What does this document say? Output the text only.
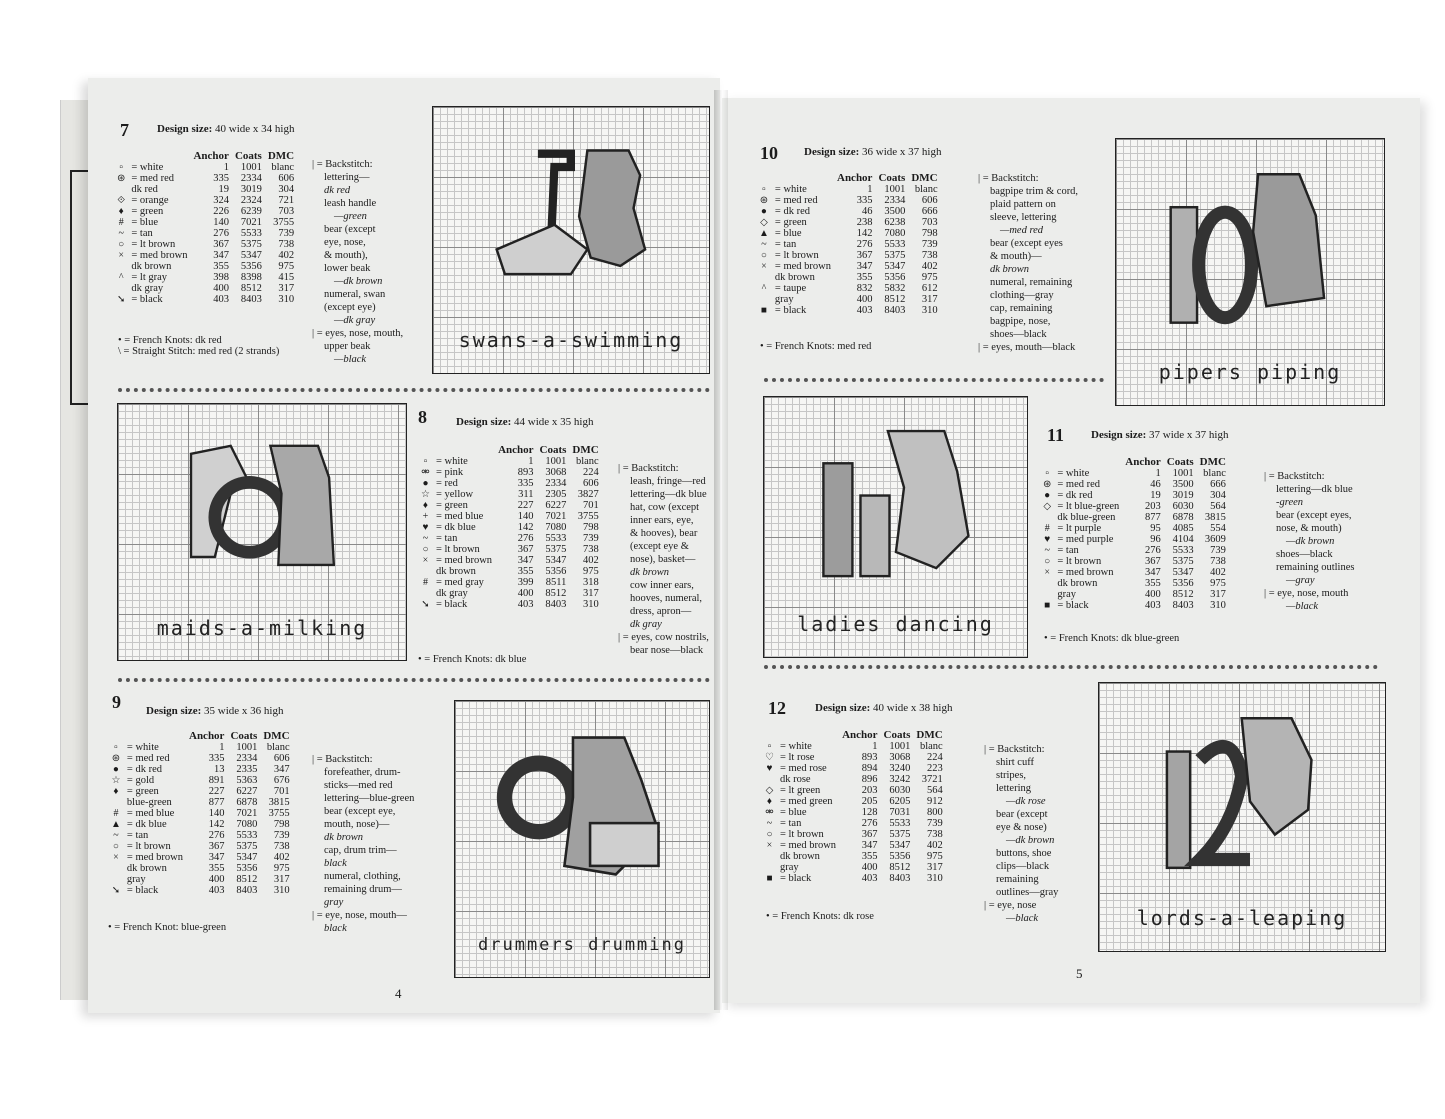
7	Design size: 40 wide x 34 high
		Anchor	Coats	DMC
▫	= white	1	1001	blanc
⊛	= med red	335	2334	606
	dk red	19	3019	304
⟐	= orange	324	2324	721
♦	= green	226	6239	703
#	= blue	140	7021	3755
~	= tan	276	5533	739
○	= lt brown	367	5375	738
×	= med brown	347	5347	402
	dk brown	355	5356	975
^	= lt gray	398	8398	415
	dk gray	400	8512	317
➘	= black	403	8403	310
| = Backstitch:
lettering—
dk red
leash handle
—green
bear (except
eye, nose,
& mouth),
lower beak
—dk brown
numeral, swan
(except eye)
—dk gray
| = eyes, nose, mouth,
upper beak
—black
• = French Knots: dk red
\ = Straight Stitch: med red (2 strands)	swans-a-swimming
maids-a-milking
8	Design size: 44 wide x 35 high
		Anchor	Coats	DMC
▫	= white	1	1001	blanc
⚮	= pink	893	3068	224
●	= red	335	2334	606
☆	= yellow	311	2305	3827
♦	= green	227	6227	701
+	= med blue	140	7021	3755
♥	= dk blue	142	7080	798
~	= tan	276	5533	739
○	= lt brown	367	5375	738
×	= med brown	347	5347	402
	dk brown	355	5356	975
#	= med gray	399	8511	318
	dk gray	400	8512	317
➘	= black	403	8403	310
| = Backstitch:
leash, fringe—red
lettering—dk blue
hat, cow (except
inner ears, eye,
& hooves), bear
(except eye &
nose), basket—
dk brown
cow inner ears,
hooves, numeral,
dress, apron—
dk gray
| = eyes, cow nostrils,
bear nose—black
• = French Knots: dk blue
9 Design size: 35 wide x 36 high
		Anchor	Coats	DMC
▫	= white	1	1001	blanc
⊛	= med red	335	2334	606
●	= dk red	13	2335	347
☆	= gold	891	5363	676
♦	= green	227	6227	701
	blue-green	877	6878	3815
#	= med blue	140	7021	3755
▲	= dk blue	142	7080	798
~	= tan	276	5533	739
○	= lt brown	367	5375	738
×	= med brown	347	5347	402
	dk brown	355	5356	975
	gray	400	8512	317
➘	= black	403	8403	310
| = Backstitch:
forefeather, drum-
sticks—med red
lettering—blue-green
bear (except eye,
mouth, nose)—
dk brown
cap, drum trim—
black
numeral, clothing,
remaining drum—
gray
| = eye, nose, mouth—
black
• = French Knot: blue-green
drummers drumming
4
10 Design size: 36 wide x 37 high
		Anchor	Coats	DMC
▫	= white	1	1001	blanc
⊛	= med red	335	2334	606
●	= dk red	46	3500	666
◇	= green	238	6238	703
▲	= blue	142	7080	798
~	= tan	276	5533	739
○	= lt brown	367	5375	738
×	= med brown	347	5347	402
	dk brown	355	5356	975
^	= taupe	832	5832	612
	gray	400	8512	317
■	= black	403	8403	310
| = Backstitch:
bagpipe trim & cord,
plaid pattern on
sleeve, lettering
—med red
bear (except eyes
& mouth)—
dk brown
numeral, remaining
clothing—gray
cap, remaining
bagpipe, nose,
shoes—black
| = eyes, mouth—black
• = French Knots: med red
pipers piping
ladies dancing
11 Design size: 37 wide x 37 high
		Anchor	Coats	DMC
▫	= white	1	1001	blanc
⊛	= med red	46	3500	666
●	= dk red	19	3019	304
◇	= lt blue-green	203	6030	564
	dk blue-green	877	6878	3815
#	= lt purple	95	4085	554
♥	= med purple	96	4104	3609
~	= tan	276	5533	739
○	= lt brown	367	5375	738
×	= med brown	347	5347	402
	dk brown	355	5356	975
	gray	400	8512	317
■	= black	403	8403	310
| = Backstitch:
lettering—dk blue
-green
bear (except eyes,
nose, & mouth)
—dk brown
shoes—black
remaining outlines
—gray
| = eye, nose, mouth
—black
• = French Knots: dk blue-green
12	Design size: 40 wide x 38 high
		Anchor	Coats	DMC
▫	= white	1	1001	blanc
♡	= lt rose	893	3068	224
♥	= med rose	894	3240	223
	dk rose	896	3242	3721
◇	= lt green	203	6030	564
♦	= med green	205	6205	912
⚮	= blue	128	7031	800
~	= tan	276	5533	739
○	= lt brown	367	5375	738
×	= med brown	347	5347	402
	dk brown	355	5356	975
	gray	400	8512	317
■	= black	403	8403	310
| = Backstitch:
shirt cuff
stripes,
lettering
—dk rose
bear (except
eye & nose)
—dk brown
buttons, shoe
clips—black
remaining
outlines—gray
| = eye, nose
—black
• = French Knots: dk rose	lords-a-leaping
5
